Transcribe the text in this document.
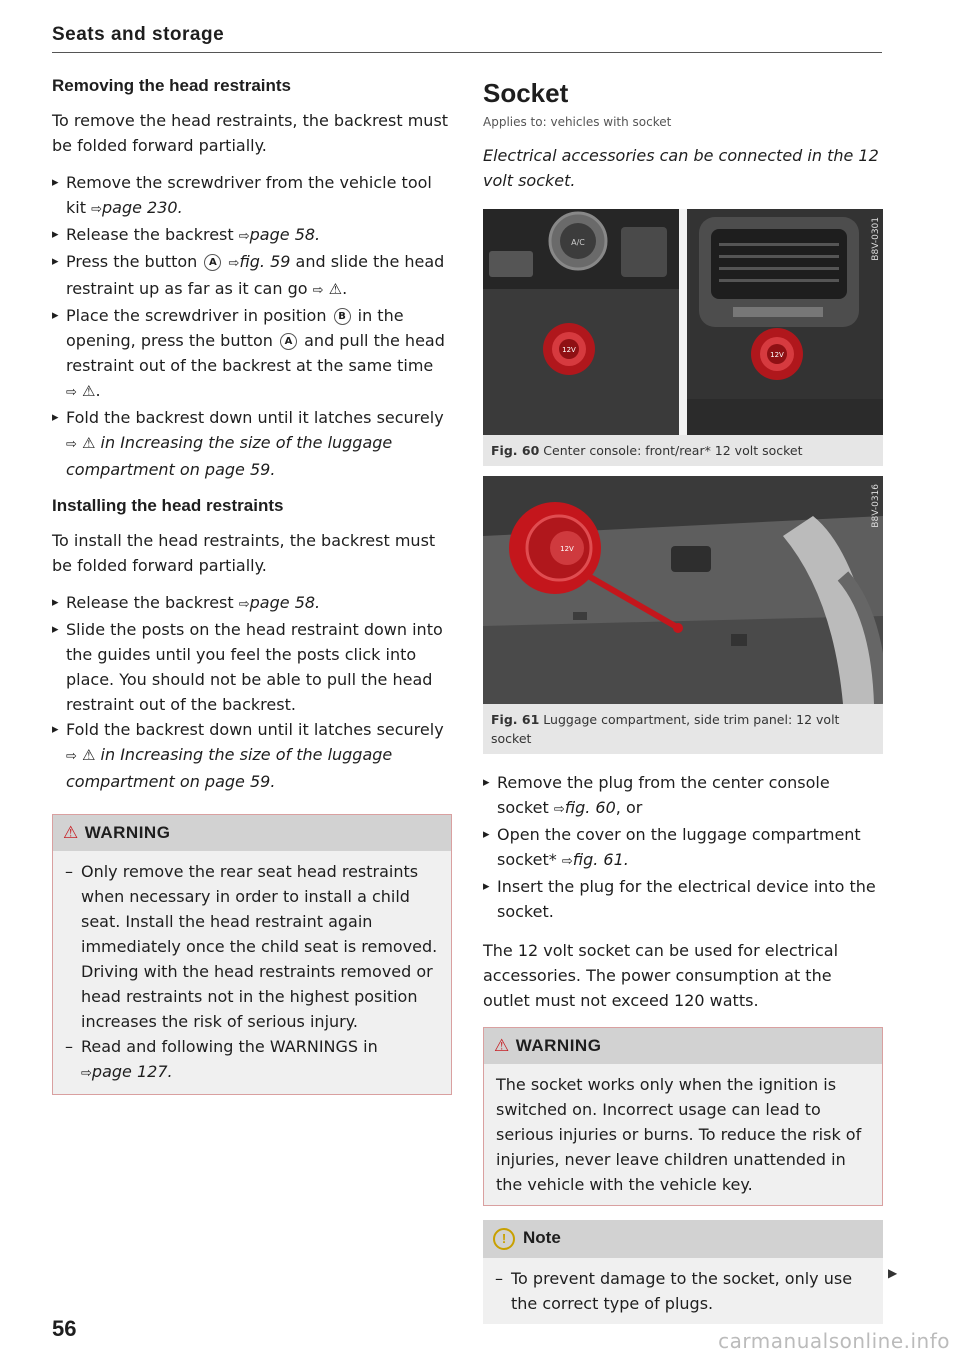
Seats and storage
Removing the head restraints

To remove the head restraints, the backrest must be folded forward partially.

▸ Remove the screwdriver from the vehicle tool kit ⇨page 230.
▸ Release the backrest ⇨page 58.
▸ Press the button A ⇨fig. 59 and slide the head restraint up as far as it can go ⇨ ⚠.
▸ Place the screwdriver in position B in the opening, press the button A and pull the head restraint out of the backrest at the same time
⇨ ⚠.
▸ Fold the backrest down until it latches securely
⇨ ⚠ in Increasing the size of the luggage compartment on page 59.
Installing the head restraints

To install the head restraints, the backrest must be folded forward partially.

▸ Release the backrest ⇨page 58.
▸ Slide the posts on the head restraint down into the guides until you feel the posts click into place. You should not be able to pull the head restraint out of the backrest.
▸ Fold the backrest down until it latches securely
⇨ ⚠ in Increasing the size of the luggage compartment on page 59.
⚠ WARNING
– Only remove the rear seat head restraints when necessary in order to install a child seat. Install the head restraint again immediately once the child seat is removed. Driving with the head restraints removed or head restraints not in the highest position increases the risk of serious injury.
– Read and following the WARNINGS in
⇨page 127.
56
Socket
Applies to: vehicles with socket
Electrical accessories can be connected in the 12 volt socket.
A/C
12V
12V
B8V-0301
Fig. 60 Center console: front/rear* 12 volt socket
12V
B8V-0316
Fig. 61 Luggage compartment, side trim panel: 12 volt socket
▸ Remove the plug from the center console socket ⇨fig. 60, or
▸ Open the cover on the luggage compartment socket* ⇨fig. 61.
▸ Insert the plug for the electrical device into the socket.

The 12 volt socket can be used for electrical accessories. The power consumption at the outlet must not exceed 120 watts.

⚠ WARNING

The socket works only when the ignition is switched on. Incorrect usage can lead to serious injuries or burns. To reduce the risk of injuries, never leave children unattended in the vehicle with the vehicle key.

! Note
– To prevent damage to the socket, only use the correct type of plugs.
▶
carmanualsonline.info
